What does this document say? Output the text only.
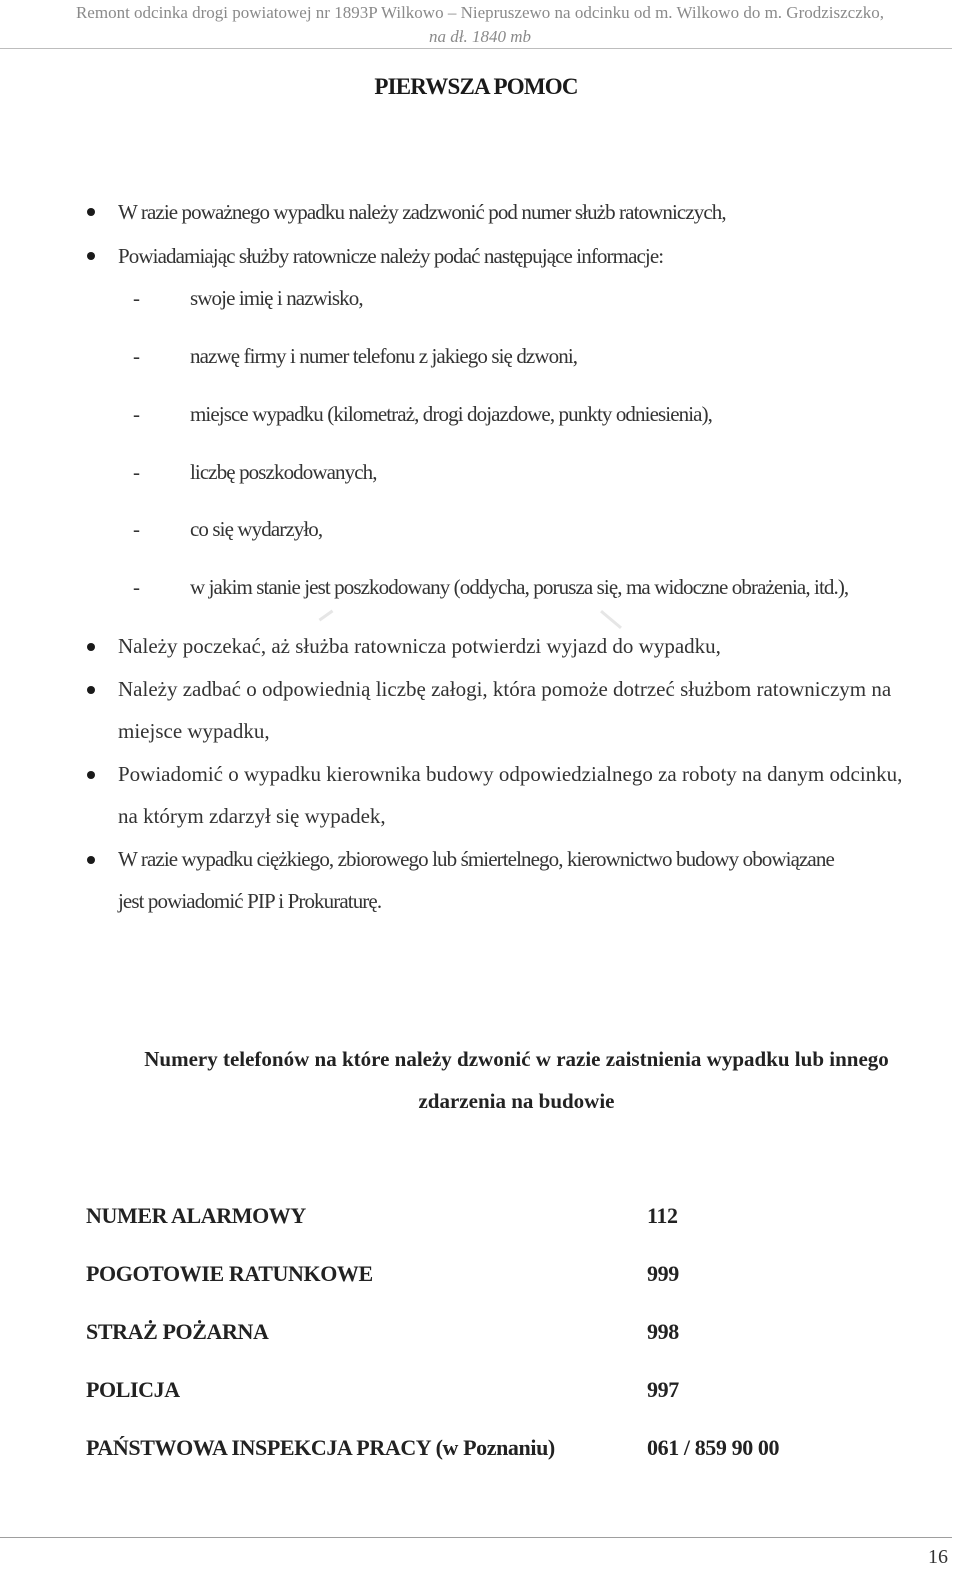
Remont odcinka drogi powiatowej nr 1893P Wilkowo – Niepruszewo na odcinku od m. Wilkowo do m. Grodziszczko,
na dł. 1840 mb
PIERWSZA POMOC
W razie poważnego wypadku należy zadzwonić pod numer służb ratowniczych,
Powiadamiając służby ratownicze należy podać następujące informacje:
- swoje imię i nazwisko,
- nazwę firmy i numer telefonu z jakiego się dzwoni,
- miejsce wypadku (kilometraż, drogi dojazdowe, punkty odniesienia),
- liczbę poszkodowanych,
- co się wydarzyło,
- w jakim stanie jest poszkodowany (oddycha, porusza się, ma widoczne obrażenia, itd.),
Należy poczekać, aż służba ratownicza potwierdzi wyjazd do wypadku,
Należy zadbać o odpowiednią liczbę załogi, która pomoże dotrzeć służbom ratowniczym na
miejsce wypadku,
Powiadomić o wypadku kierownika budowy odpowiedzialnego za roboty na danym odcinku,
na którym zdarzył się wypadek,
W razie wypadku ciężkiego, zbiorowego lub śmiertelnego, kierownictwo budowy obowiązane
jest powiadomić PIP i Prokuraturę.
Numery telefonów na które należy dzwonić w razie zaistnienia wypadku lub innego
zdarzenia na budowie
NUMER ALARMOWY	112
POGOTOWIE RATUNKOWE	999
STRAŻ POŻARNA	998
POLICJA	997
PAŃSTWOWA INSPEKCJA PRACY (w Poznaniu)	061 / 859 90 00
16
